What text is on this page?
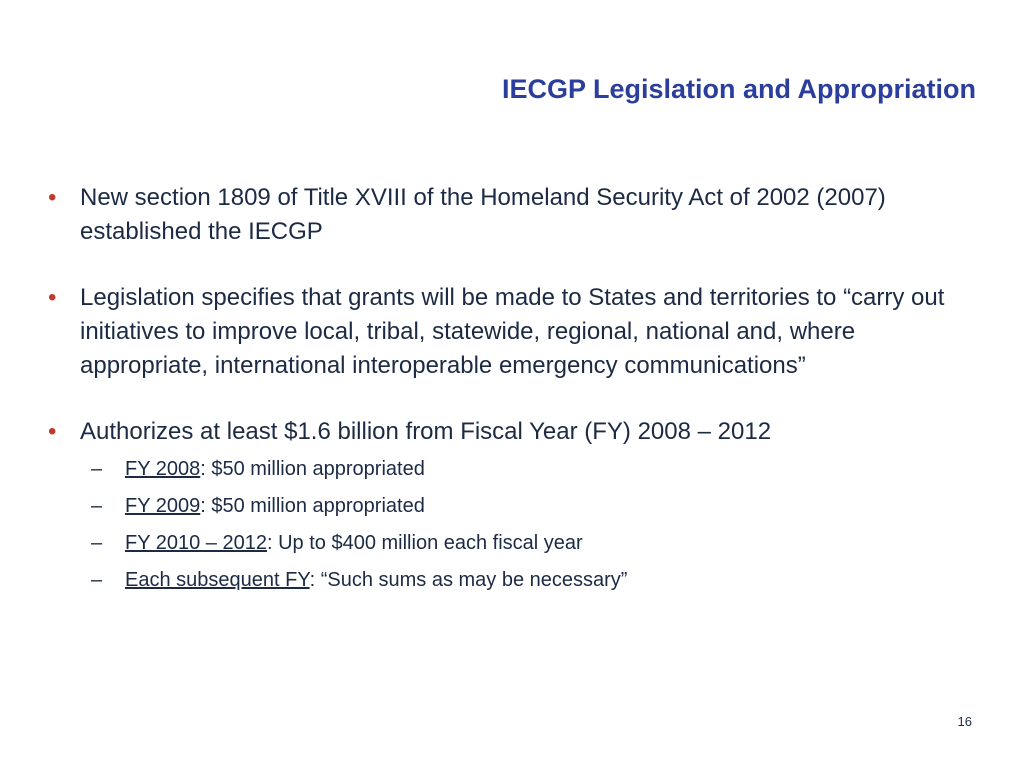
IECGP Legislation and Appropriation
• New section 1809 of Title XVIII of the Homeland Security Act of 2002 (2007) established the IECGP
• Legislation specifies that grants will be made to States and territories to “carry out initiatives to improve local, tribal, statewide, regional, national and, where appropriate, international interoperable emergency communications”
• Authorizes at least $1.6 billion from Fiscal Year (FY) 2008 – 2012
– FY 2008: $50 million appropriated
– FY 2009: $50 million appropriated
– FY 2010 – 2012: Up to $400 million each fiscal year
– Each subsequent FY: “Such sums as may be necessary”
16
